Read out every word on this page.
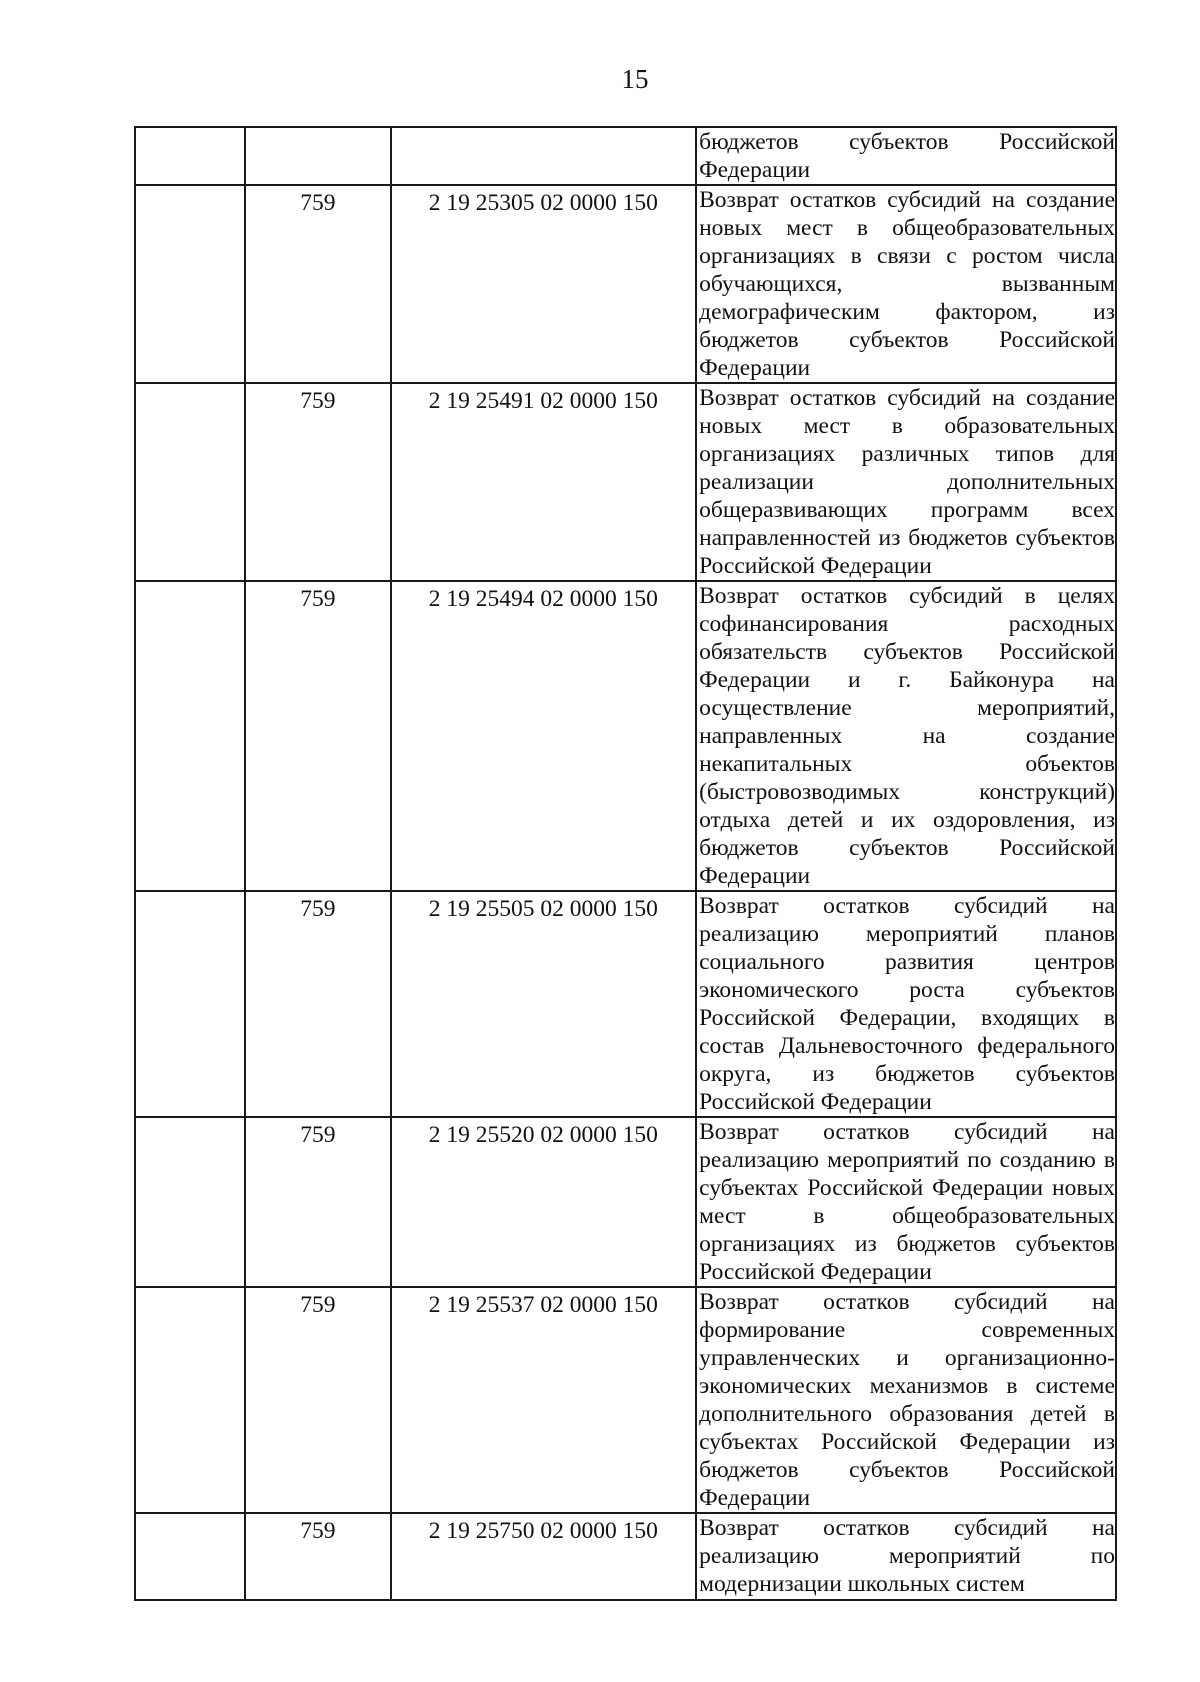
15
			бюджетов субъектов Российской Федерации
	759	2 19 25305 02 0000 150	Возврат остатков субсидий на создание новых мест в общеобразовательных организациях в связи с ростом числа обучающихся, вызванным демографическим фактором, из бюджетов субъектов Российской Федерации
	759	2 19 25491 02 0000 150	Возврат остатков субсидий на создание новых мест в образовательных организациях различных типов для реализации дополнительных общеразвивающих программ всех направленностей из бюджетов субъектов Российской Федерации
	759	2 19 25494 02 0000 150	Возврат остатков субсидий в целях софинансирования расходных обязательств субъектов Российской Федерации и г. Байконура на осуществление мероприятий, направленных на создание некапитальных объектов (быстровозводимых конструкций) отдыха детей и их оздоровления, из бюджетов субъектов Российской Федерации
	759	2 19 25505 02 0000 150	Возврат остатков субсидий на реализацию мероприятий планов социального развития центров экономического роста субъектов Российской Федерации, входящих в состав Дальневосточного федерального округа, из бюджетов субъектов Российской Федерации
	759	2 19 25520 02 0000 150	Возврат остатков субсидий на реализацию мероприятий по созданию в субъектах Российской Федерации новых мест в общеобразовательных организациях из бюджетов субъектов Российской Федерации
	759	2 19 25537 02 0000 150	Возврат остатков субсидий на формирование современных управленческих и организационно-экономических механизмов в системе дополнительного образования детей в субъектах Российской Федерации из бюджетов субъектов Российской Федерации
	759	2 19 25750 02 0000 150	Возврат остатков субсидий на реализацию мероприятий по модернизации школьных систем
